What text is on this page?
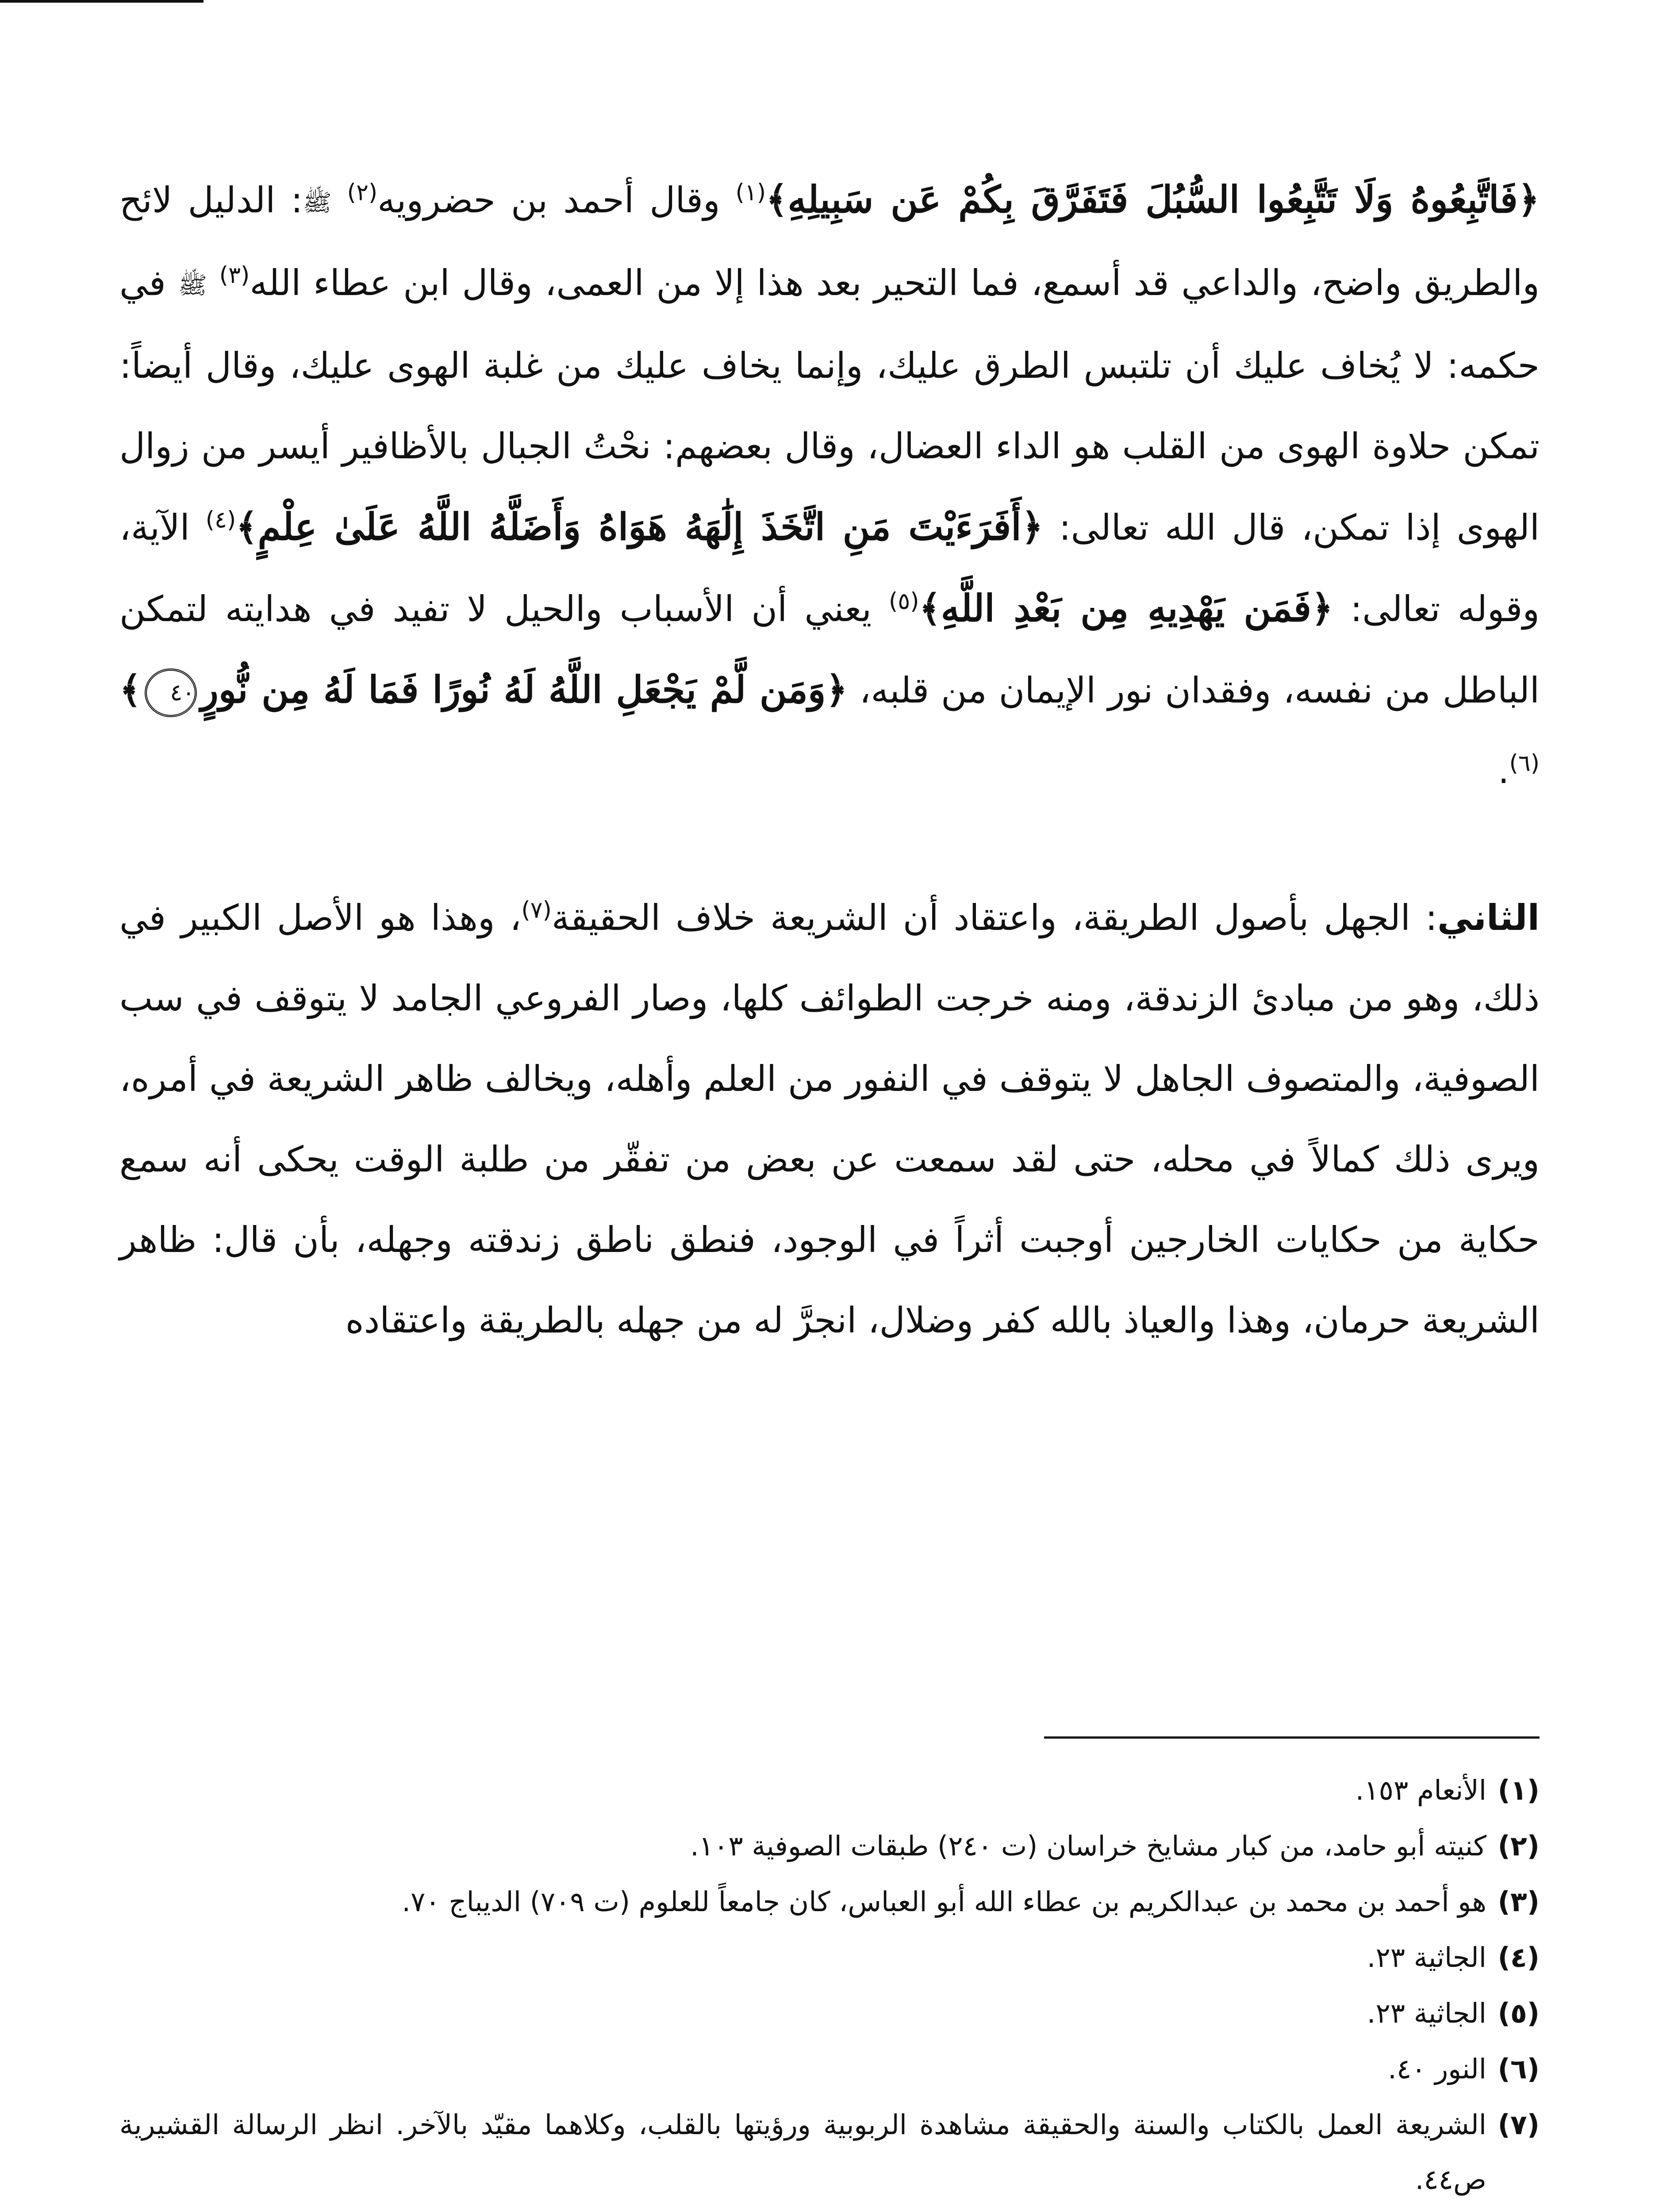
﴿فَاتَّبِعُوهُ وَلَا تَتَّبِعُوا السُّبُلَ فَتَفَرَّقَ بِكُمْ عَن سَبِيلِهِ﴾$^{(١)}$ وقال أحمد بن حضرويه$^{(٢)}$ ﷺ: الدليل لائح والطريق واضح، والداعي قد أسمع، فما التحير بعد هذا إلا من العمى، وقال ابن عطاء الله$^{(٣)}$ ﷺ في حكمه: لا يُخاف عليك أن تلتبس الطرق عليك، وإنما يخاف عليك من غلبة الهوى عليك، وقال أيضاً: تمكن حلاوة الهوى من القلب هو الداء العضال، وقال بعضهم: نحْتُ الجبال بالأظافير أيسر من زوال الهوى إذا تمكن، قال الله تعالى: ﴿أَفَرَءَيْتَ مَنِ اتَّخَذَ إِلَٰهَهُ هَوَاهُ وَأَضَلَّهُ اللَّهُ عَلَىٰ عِلْمٍ﴾$^{(٤)}$ الآية، وقوله تعالى: ﴿فَمَن يَهْدِيهِ مِن بَعْدِ اللَّهِ﴾$^{(٥)}$ يعني أن الأسباب والحيل لا تفيد في هدايته لتمكن الباطل من نفسه، وفقدان نور الإيمان من قلبه، ﴿وَمَن لَّمْ يَجْعَلِ اللَّهُ لَهُ نُورًا فَمَا لَهُ مِن نُّورٍ٤٠﴾$^{(٦)}$.

الثاني: الجهل بأصول الطريقة، واعتقاد أن الشريعة خلاف الحقيقة$^{(٧)}$، وهذا هو الأصل الكبير في ذلك، وهو من مبادئ الزندقة، ومنه خرجت الطوائف كلها، وصار الفروعي الجامد لا يتوقف في سب الصوفية، والمتصوف الجاهل لا يتوقف في النفور من العلم وأهله، ويخالف ظاهر الشريعة في أمره، ويرى ذلك كمالاً في محله، حتى لقد سمعت عن بعض من تفقّر من طلبة الوقت يحكى أنه سمع حكاية من حكايات الخارجين أوجبت أثراً في الوجود، فنطق ناطق زندقته وجهله، بأن قال: ظاهر الشريعة حرمان، وهذا والعياذ بالله كفر وضلال، انجرَّ له من جهله بالطريقة واعتقاده

(١)
الأنعام ١٥٣.
(٢)
كنيته أبو حامد، من كبار مشايخ خراسان (ت ٢٤٠) طبقات الصوفية ١٠٣.
(٣)
هو أحمد بن محمد بن عبدالكريم بن عطاء الله أبو العباس، كان جامعاً للعلوم (ت ٧٠٩) الديباج ٧٠.
(٤)
الجاثية ٢٣.
(٥)
الجاثية ٢٣.
(٦)
النور ٤٠.
(٧)
الشريعة العمل بالكتاب والسنة والحقيقة مشاهدة الربوبية ورؤيتها بالقلب، وكلاهما مقيّد بالآخر. انظر الرسالة القشيرية ص٤٤.
